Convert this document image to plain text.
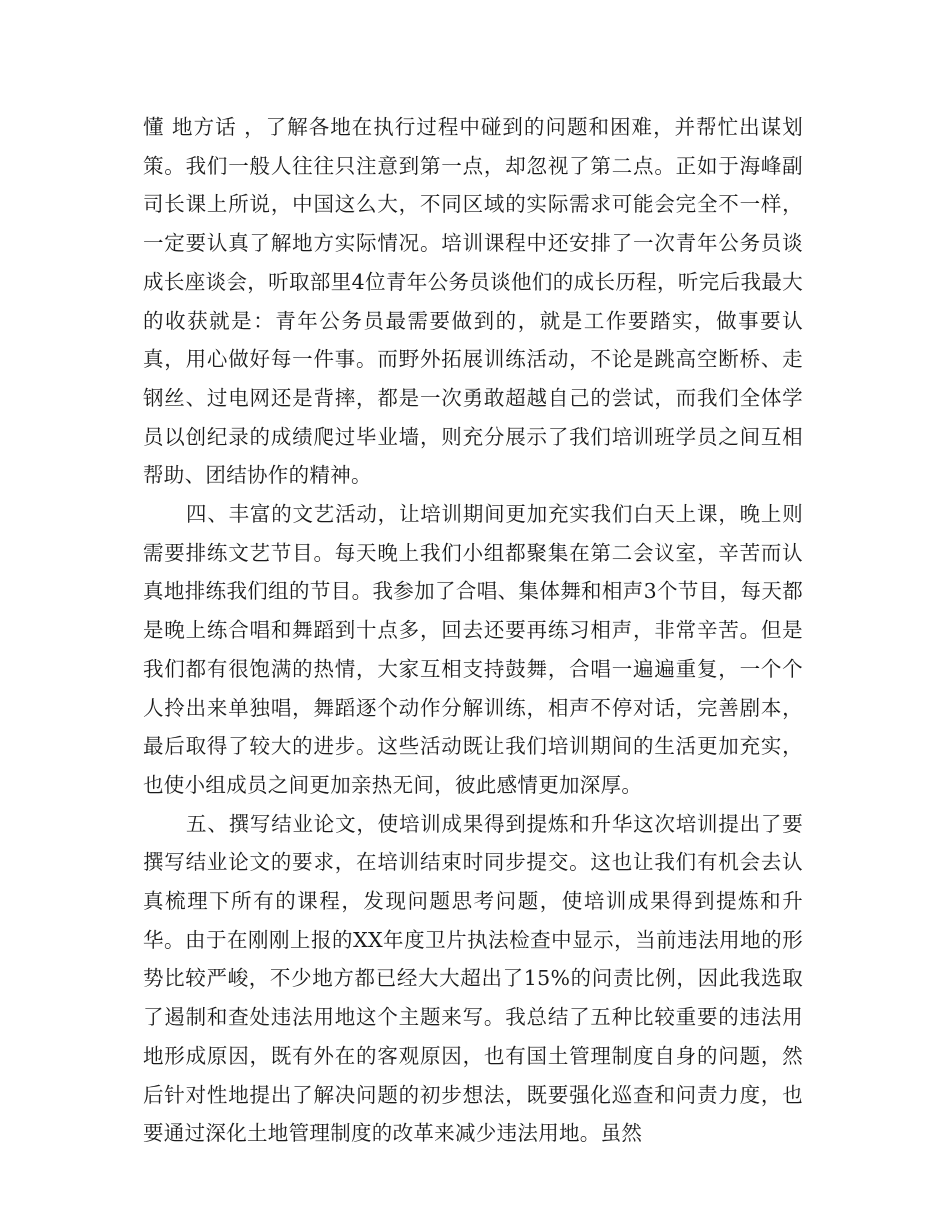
懂 地方话 ，了解各地在执行过程中碰到的问题和困难，并帮忙出谋划策。我们一般人往往只注意到第一点，却忽视了第二点。正如于海峰副司长课上所说，中国这么大，不同区域的实际需求可能会完全不一样，一定要认真了解地方实际情况。培训课程中还安排了一次青年公务员谈成长座谈会，听取部里4位青年公务员谈他们的成长历程，听完后我最大的收获就是：青年公务员最需要做到的，就是工作要踏实，做事要认真，用心做好每一件事。而野外拓展训练活动，不论是跳高空断桥、走钢丝、过电网还是背摔，都是一次勇敢超越自己的尝试，而我们全体学员以创纪录的成绩爬过毕业墙，则充分展示了我们培训班学员之间互相帮助、团结协作的精神。

四、丰富的文艺活动，让培训期间更加充实我们白天上课，晚上则需要排练文艺节目。每天晚上我们小组都聚集在第二会议室，辛苦而认真地排练我们组的节目。我参加了合唱、集体舞和相声3个节目，每天都是晚上练合唱和舞蹈到十点多，回去还要再练习相声，非常辛苦。但是我们都有很饱满的热情，大家互相支持鼓舞，合唱一遍遍重复，一个个人拎出来单独唱，舞蹈逐个动作分解训练，相声不停对话，完善剧本，最后取得了较大的进步。这些活动既让我们培训期间的生活更加充实，也使小组成员之间更加亲热无间，彼此感情更加深厚。

五、撰写结业论文，使培训成果得到提炼和升华这次培训提出了要撰写结业论文的要求，在培训结束时同步提交。这也让我们有机会去认真梳理下所有的课程，发现问题思考问题，使培训成果得到提炼和升华。由于在刚刚上报的XX年度卫片执法检查中显示，当前违法用地的形势比较严峻，不少地方都已经大大超出了15%的问责比例，因此我选取了遏制和查处违法用地这个主题来写。我总结了五种比较重要的违法用地形成原因，既有外在的客观原因，也有国土管理制度自身的问题，然后针对性地提出了解决问题的初步想法，既要强化巡查和问责力度，也要通过深化土地管理制度的改革来减少违法用地。虽然
